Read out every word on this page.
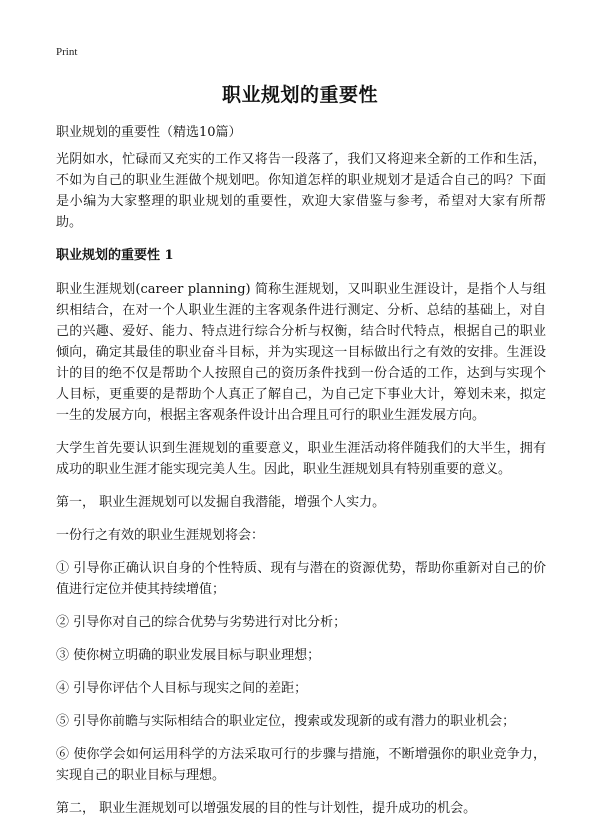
Print
职业规划的重要性

职业规划的重要性（精选10篇）

光阴如水，忙碌而又充实的工作又将告一段落了，我们又将迎来全新的工作和生活，不如为自己的职业生涯做个规划吧。你知道怎样的职业规划才是适合自己的吗？下面是小编为大家整理的职业规划的重要性，欢迎大家借鉴与参考，希望对大家有所帮助。

职业规划的重要性 1

职业生涯规划(career planning) 简称生涯规划，又叫职业生涯设计，是指个人与组织相结合，在对一个人职业生涯的主客观条件进行测定、分析、总结的基础上，对自己的兴趣、爱好、能力、特点进行综合分析与权衡，结合时代特点，根据自己的职业倾向，确定其最佳的职业奋斗目标，并为实现这一目标做出行之有效的安排。生涯设计的目的绝不仅是帮助个人按照自己的资历条件找到一份合适的工作，达到与实现个人目标，更重要的是帮助个人真正了解自己，为自己定下事业大计，筹划未来，拟定一生的发展方向，根据主客观条件设计出合理且可行的职业生涯发展方向。

大学生首先要认识到生涯规划的重要意义，职业生涯活动将伴随我们的大半生，拥有成功的职业生涯才能实现完美人生。因此，职业生涯规划具有特别重要的意义。

第一， 职业生涯规划可以发掘自我潜能，增强个人实力。

一份行之有效的职业生涯规划将会：

① 引导你正确认识自身的个性特质、现有与潜在的资源优势，帮助你重新对自己的价值进行定位并使其持续增值；

② 引导你对自己的综合优势与劣势进行对比分析；

③ 使你树立明确的职业发展目标与职业理想；

④ 引导你评估个人目标与现实之间的差距；

⑤ 引导你前瞻与实际相结合的职业定位，搜索或发现新的或有潜力的职业机会；

⑥ 使你学会如何运用科学的方法采取可行的步骤与措施，不断增强你的职业竞争力，实现自己的职业目标与理想。

第二， 职业生涯规划可以增强发展的目的性与计划性，提升成功的机会。
